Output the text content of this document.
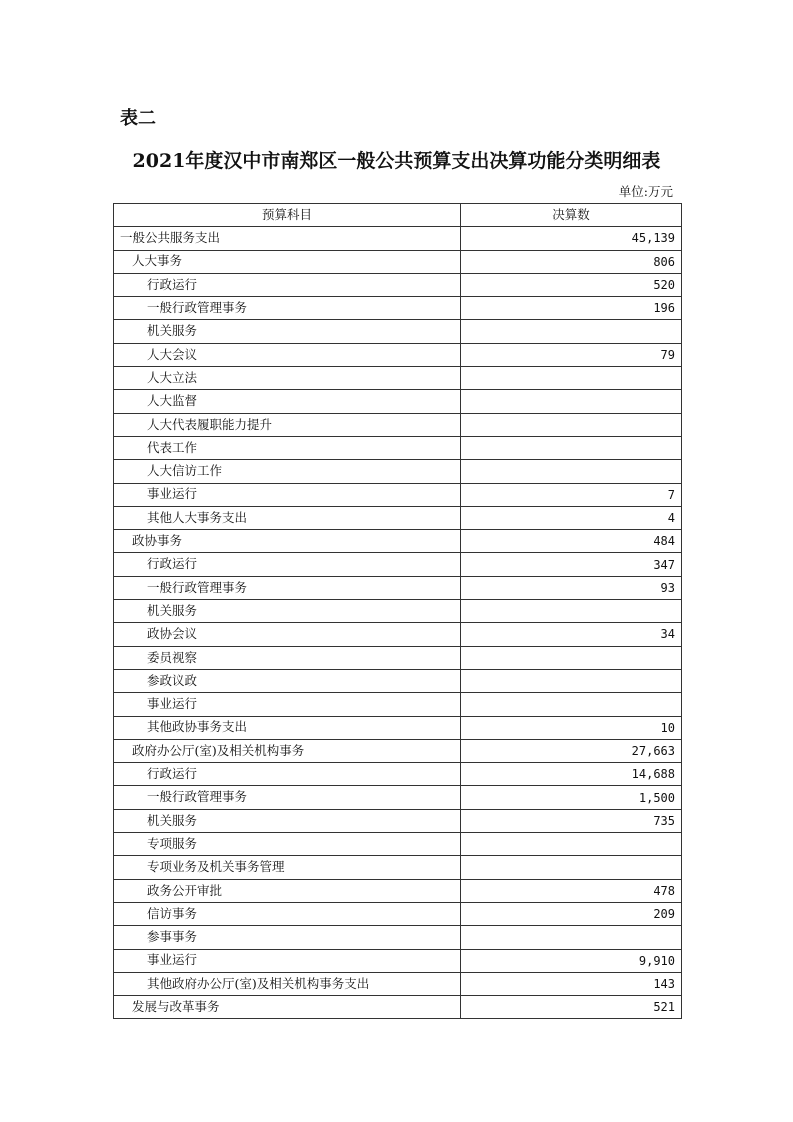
表二
2021年度汉中市南郑区一般公共预算支出决算功能分类明细表
单位:万元
预算科目	决算数
一般公共服务支出	45,139
人大事务	806
行政运行	520
一般行政管理事务	196
机关服务	
人大会议	79
人大立法	
人大监督	
人大代表履职能力提升	
代表工作	
人大信访工作	
事业运行	7
其他人大事务支出	4
政协事务	484
行政运行	347
一般行政管理事务	93
机关服务	
政协会议	34
委员视察	
参政议政	
事业运行	
其他政协事务支出	10
政府办公厅(室)及相关机构事务	27,663
行政运行	14,688
一般行政管理事务	1,500
机关服务	735
专项服务	
专项业务及机关事务管理	
政务公开审批	478
信访事务	209
参事事务	
事业运行	9,910
其他政府办公厅(室)及相关机构事务支出	143
发展与改革事务	521
